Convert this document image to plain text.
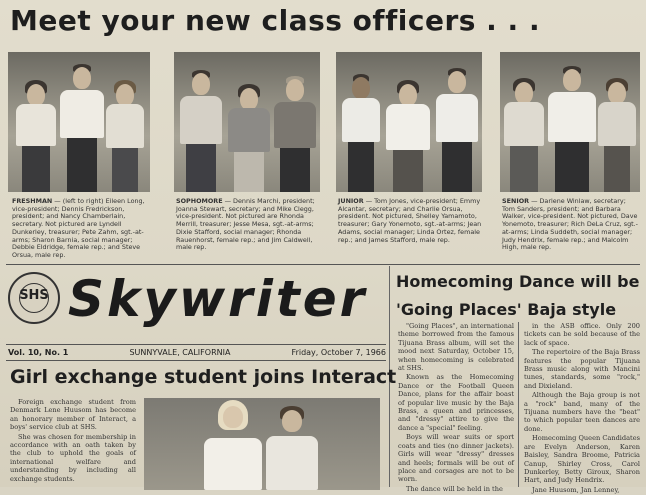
Meet your new class officers . . .
FRESHMAN — (left to right) Eileen Long, vice-president; Dennis Fredrickson, president; and Nancy Chamberlain, secretary. Not pictured are Lyndell Dunkerley, treasurer; Pete Zahm, sgt.-at-arms; Sharon Barnia, social manager; Debbie Eldridge, female rep.; and Steve Orsua, male rep.
SOPHOMORE — Dennis Marchi, president; Joanna Stewart, secretary; and Mike Clegg, vice-president. Not pictured are Rhonda Merrill, treasurer; Jesse Mesa, sgt.-at-arms; Dixie Stafford, social manager; Rhonda Rauenhorst, female rep.; and Jim Caldwell, male rep.
JUNIOR — Tom Jones, vice-president; Emmy Alcantar, secretary; and Charlie Orsua, president. Not pictured, Shelley Yamamoto, treasurer; Gary Yonemoto, sgt.-at-arms; Jean Adams, social manager; Linda Ortez, female rep.; and James Stafford, male rep.
SENIOR — Darlene Winlaw, secretary; Tom Sanders, president; and Barbara Walker, vice-president. Not pictured, Dave Yonemoto, treasurer; Rich DeLa Cruz, sgt.-at-arms; Linda Suddeth, social manager; Judy Hendrix, female rep.; and Malcolm High, male rep.
SHS Skywriter
Vol. 10, No. 1	SUNNYVALE, CALIFORNIA	Friday, October 7, 1966
Homecoming Dance will be
'Going Places' Baja style

"Going Places", an international theme borrowed from the famous Tijuana Brass album, will set the mood next Saturday, October 15, when homecoming is celebrated at SHS.

Known as the Homecoming Dance or the Football Queen Dance, plans for the affair boast of popular live music by the Baja Brass, a queen and princesses, and "dressy" attire to give the dance a "special" feeling.

Boys will wear suits or sport coats and ties (no dinner jackets). Girls will wear "dressy" dresses and heels; formals will be out of place and corsages are not to be worn.

The dance will be held in the

in the ASB office. Only 200 tickets can be sold because of the lack of space.

The repertoire of the Baja Brass features the popular Tijuana Brass music along with Mancini tunes, standards, some "rock," and Dixieland.

Although the Baja group is not a "rock" band, many of the Tijuana numbers have the "beat" to which popular teen dances are done.

Homecoming Queen Candidates are Evelyn Anderson, Karen Baisley, Sandra Broome, Patricia Canup, Shirley Cross, Carol Dunkerley, Betty Giroux, Sharon Hart, and Judy Hendrix.

Jane Huusom, Jan Lenney,

Girl exchange student joins Interact

Foreign exchange student from Denmark Lene Huusom has become an honorary member of Interact, a boys' service club at SHS.

She was chosen for membership in accordance with an oath taken by the club to uphold the goals of international welfare and understanding by including all exchange students.
